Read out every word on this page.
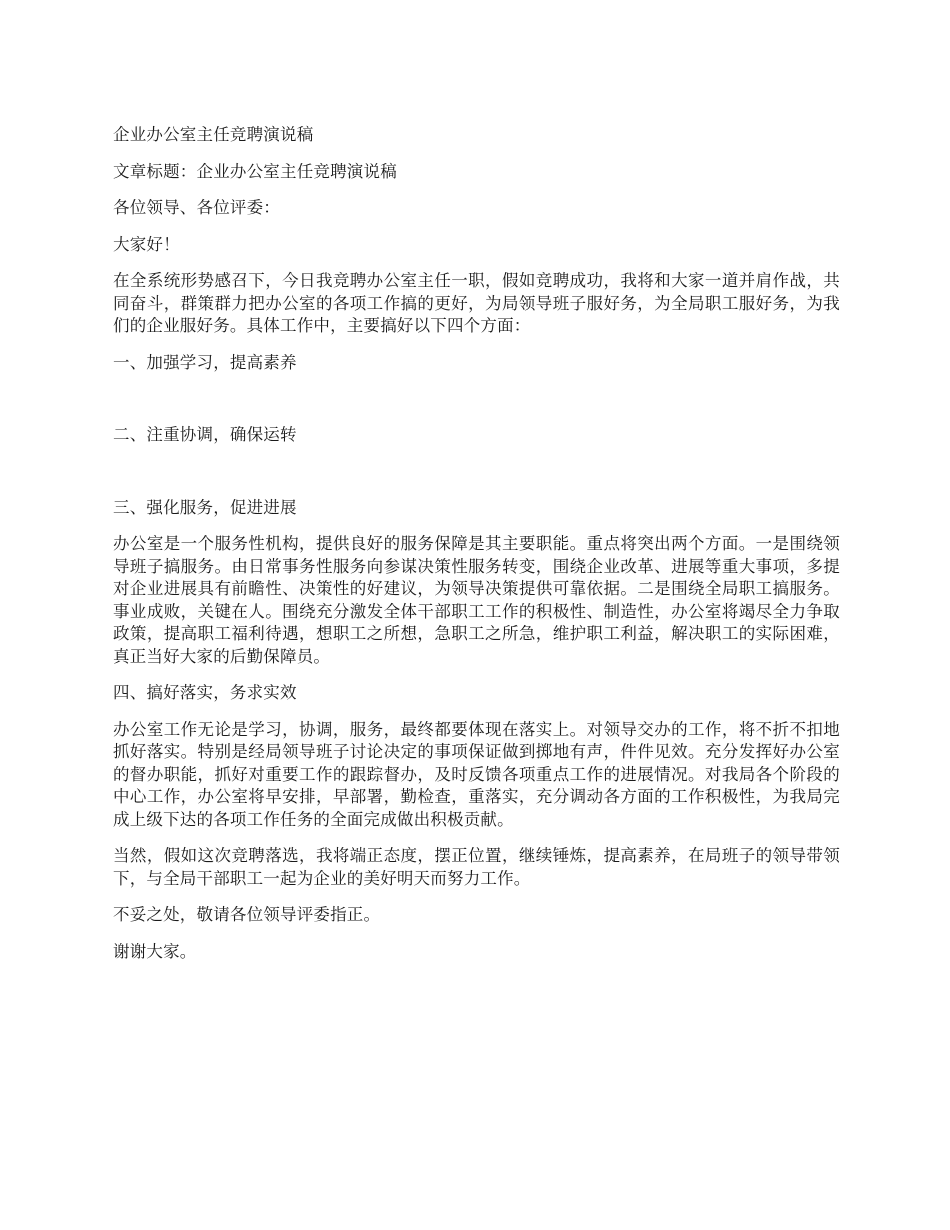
企业办公室主任竞聘演说稿

文章标题：企业办公室主任竞聘演说稿

各位领导、各位评委：

大家好！

在全系统形势感召下，今日我竞聘办公室主任一职，假如竞聘成功，我将和大家一道并肩作战，共同奋斗，群策群力把办公室的各项工作搞的更好，为局领导班子服好务，为全局职工服好务，为我们的企业服好务。具体工作中，主要搞好以下四个方面：

一、加强学习，提高素养

二、注重协调，确保运转

三、强化服务，促进进展

办公室是一个服务性机构，提供良好的服务保障是其主要职能。重点将突出两个方面。一是围绕领导班子搞服务。由日常事务性服务向参谋决策性服务转变，围绕企业改革、进展等重大事项，多提对企业进展具有前瞻性、决策性的好建议，为领导决策提供可靠依据。二是围绕全局职工搞服务。事业成败，关键在人。围绕充分激发全体干部职工工作的积极性、制造性，办公室将竭尽全力争取政策，提高职工福利待遇，想职工之所想，急职工之所急，维护职工利益，解决职工的实际困难，真正当好大家的后勤保障员。

四、搞好落实，务求实效

办公室工作无论是学习，协调，服务，最终都要体现在落实上。对领导交办的工作，将不折不扣地抓好落实。特别是经局领导班子讨论决定的事项保证做到掷地有声，件件见效。充分发挥好办公室的督办职能，抓好对重要工作的跟踪督办，及时反馈各项重点工作的进展情况。对我局各个阶段的中心工作，办公室将早安排，早部署，勤检查，重落实，充分调动各方面的工作积极性，为我局完成上级下达的各项工作任务的全面完成做出积极贡献。

当然，假如这次竞聘落选，我将端正态度，摆正位置，继续锤炼，提高素养，在局班子的领导带领下，与全局干部职工一起为企业的美好明天而努力工作。

不妥之处，敬请各位领导评委指正。

谢谢大家。
